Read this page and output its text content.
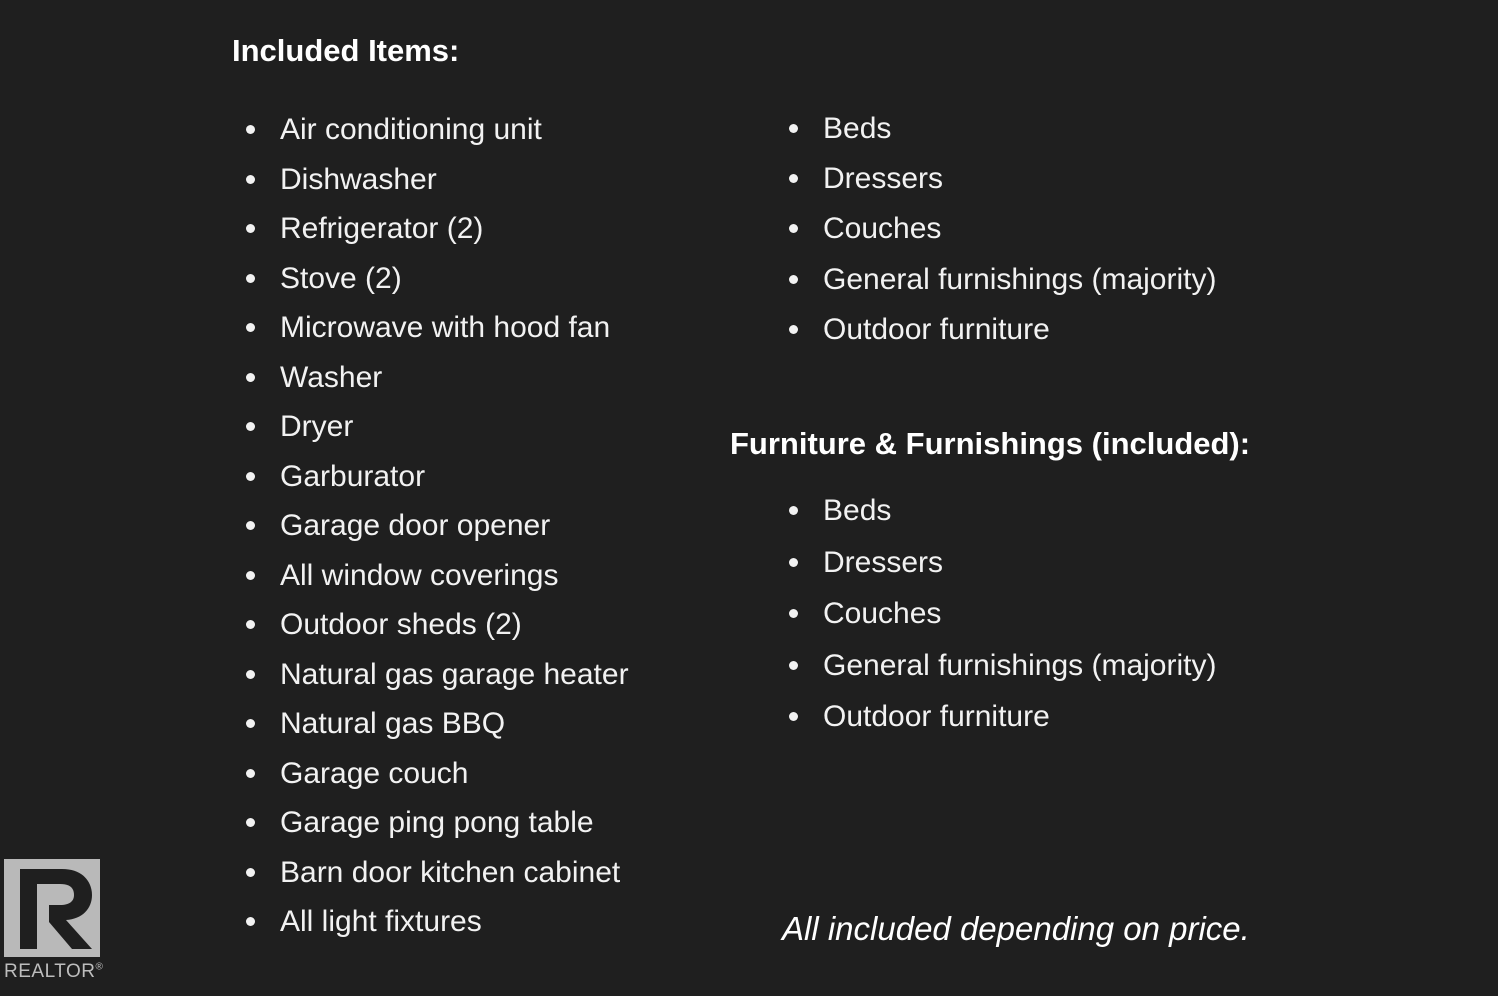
Included Items:
Air conditioning unit
Dishwasher
Refrigerator (2)
Stove (2)
Microwave with hood fan
Washer
Dryer
Garburator
Garage door opener
All window coverings
Outdoor sheds (2)
Natural gas garage heater
Natural gas BBQ
Garage couch
Garage ping pong table
Barn door kitchen cabinet
All light fixtures
Beds
Dressers
Couches
General furnishings (majority)
Outdoor furniture
Furniture & Furnishings (included):
Beds
Dressers
Couches
General furnishings (majority)
Outdoor furniture
All included depending on price.
REALTOR®
